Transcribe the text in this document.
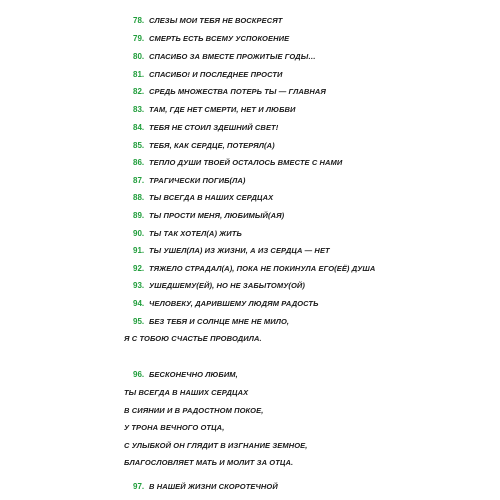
78. СЛЕЗЫ МОИ ТЕБЯ НЕ ВОСКРЕСЯТ
79. СМЕРТЬ ЕСТЬ ВСЕМУ УСПОКОЕНИЕ
80. СПАСИБО ЗА ВМЕСТЕ ПРОЖИТЫЕ ГОДЫ…
81. СПАСИБО! И ПОСЛЕДНЕЕ ПРОСТИ
82. СРЕДЬ МНОЖЕСТВА ПОТЕРЬ ТЫ — ГЛАВНАЯ
83. ТАМ, ГДЕ НЕТ СМЕРТИ, НЕТ И ЛЮБВИ
84. ТЕБЯ НЕ СТОИЛ ЗДЕШНИЙ СВЕТ!
85. ТЕБЯ, КАК СЕРДЦЕ, ПОТЕРЯЛ(А)
86. ТЕПЛО ДУШИ ТВОЕЙ ОСТАЛОСЬ ВМЕСТЕ С НАМИ
87. ТРАГИЧЕСКИ ПОГИБ(ЛА)
88. ТЫ ВСЕГДА В НАШИХ СЕРДЦАХ
89. ТЫ ПРОСТИ МЕНЯ, ЛЮБИМЫЙ(АЯ)
90. ТЫ ТАК ХОТЕЛ(А) ЖИТЬ
91. ТЫ УШЕЛ(ЛА) ИЗ ЖИЗНИ, А ИЗ СЕРДЦА — НЕТ
92. ТЯЖЕЛО СТРАДАЛ(А), ПОКА НЕ ПОКИНУЛА ЕГО(ЕЁ) ДУША
93. УШЕДШЕМУ(ЕЙ), НО НЕ ЗАБЫТОМУ(ОЙ)
94. ЧЕЛОВЕКУ, ДАРИВШЕМУ ЛЮДЯМ РАДОСТЬ
95. БЕЗ ТЕБЯ И СОЛНЦЕ МНЕ НЕ МИЛО,
Я С ТОБОЮ СЧАСТЬЕ ПРОВОДИЛА.
96. БЕСКОНЕЧНО ЛЮБИМ,
ТЫ ВСЕГДА В НАШИХ СЕРДЦАХ
В СИЯНИИ И В РАДОСТНОМ ПОКОЕ,
У ТРОНА ВЕЧНОГО ОТЦА,
С УЛЫБКОЙ ОН ГЛЯДИТ В ИЗГНАНИЕ ЗЕМНОЕ,
БЛАГОСЛОВЛЯЕТ МАТЬ И МОЛИТ ЗА ОТЦА.
97. В НАШЕЙ ЖИЗНИ СКОРОТЕЧНОЙ
